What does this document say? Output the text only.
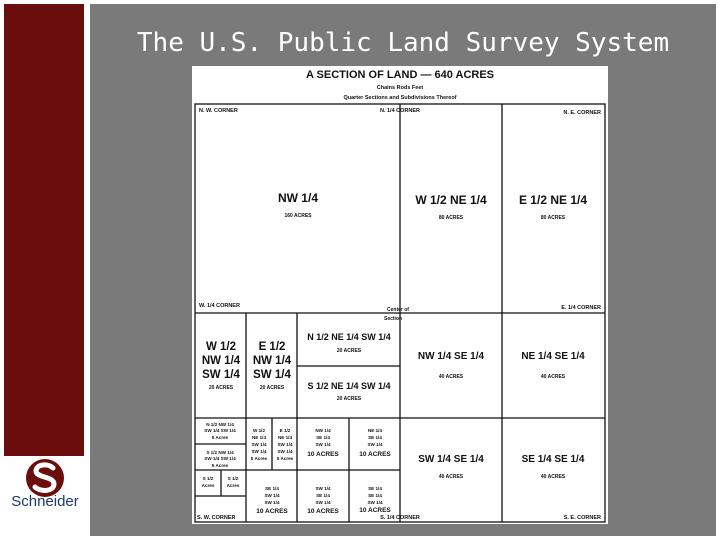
Schneider
The U.S. Public Land Survey System
A SECTION OF LAND — 640 ACRES
Chains Rods Feet
Quarter Sections and Subdivisions Thereof
N. W. CORNER	N. 1/4 CORNER	N. E. CORNER
W. 1/4 CORNER
Center of
Section
E. 1/4 CORNER
S. W. CORNER	S. 1/4 CORNER	S. E. CORNER
NW 1/4
160 ACRES
W 1/2 NE 1/4
80 ACRES
E 1/2 NE 1/4
80 ACRES
W 1/2
NW 1/4
SW 1/4
20 ACRES
E 1/2
NW 1/4
SW 1/4
20 ACRES
N 1/2 NE 1/4 SW 1/4
20 ACRES
S 1/2 NE 1/4 SW 1/4
20 ACRES
NW 1/4 SE 1/4
40 ACRES
NE 1/4 SE 1/4
40 ACRES
SW 1/4 SE 1/4
40 ACRES
SE 1/4 SE 1/4
40 ACRES
N 1/2 NW 1/4
SW 1/4 SW 1/4
5 Acres
S 1/2 NW 1/4
SW 1/4 SW 1/4
5 Acres
W 1/2
NE 1/4
SW 1/4
SW 1/4
5 Acres
E 1/2
NE 1/4
SW 1/4
SW 1/4
5 Acres
S 1/2
Acres
S 1/2
Acres
SE 1/4
SW 1/4
SW 1/4
10 ACRES
NW 1/4
SE 1/4
SW 1/4
10 ACRES
NE 1/4
SE 1/4
SW 1/4
10 ACRES
SW 1/4
SE 1/4
SW 1/4
10 ACRES
SE 1/4
SE 1/4
SW 1/4
10 ACRES
